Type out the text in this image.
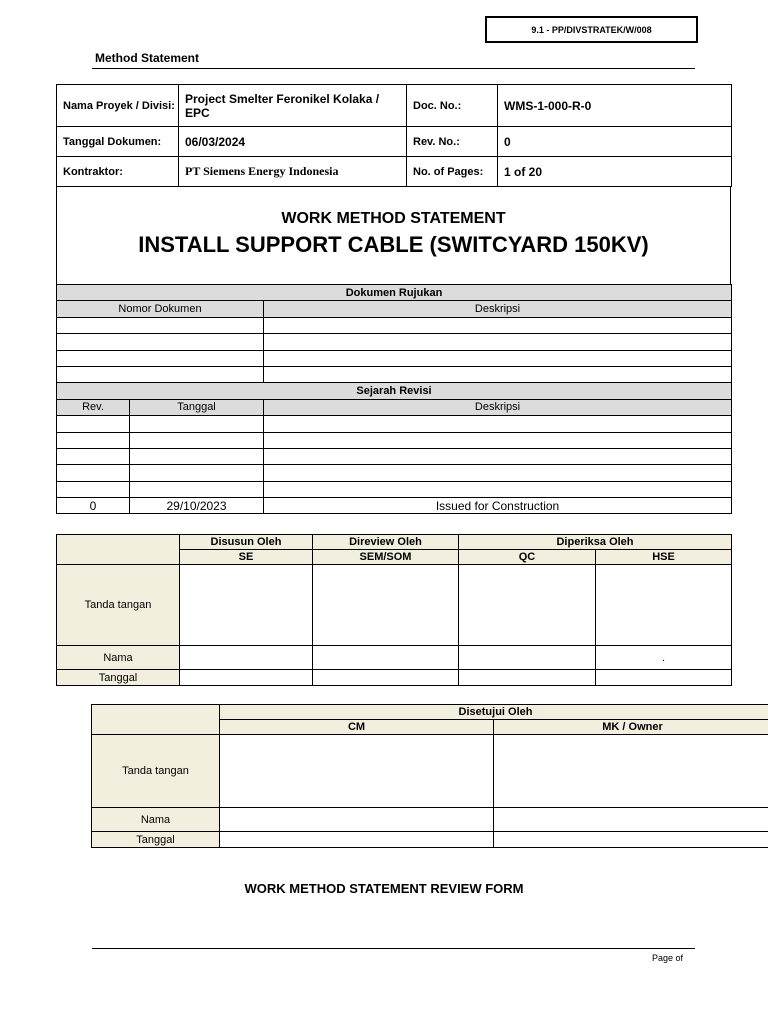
9.1 - PP/DIVSTRATEK/W/008
Method Statement
Nama Proyek / Divisi:	Project Smelter Feronikel Kolaka / EPC	Doc. No.:	WMS-1-000-R-0
Tanggal Dokumen:	06/03/2024	Rev. No.:	0
Kontraktor:	PT Siemens Energy Indonesia	No. of Pages:	1 of 20
WORK METHOD STATEMENT
INSTALL SUPPORT CABLE (SWITCYARD 150KV)
Dokumen Rujukan		
Nomor Dokumen		Deskripsi

Sejarah Revisi		
Rev.	Tanggal	Deskripsi

0	29/10/2023	Issued for Construction
	Disusun Oleh	Direview Oleh	Diperiksa Oleh	
	SE	SEM/SOM	QC	HSE
Tanda tangan				
Nama				.
Tanggal				
	Disetujui Oleh	
	CM	MK / Owner
Tanda tangan		
Nama		
Tanggal		
WORK METHOD STATEMENT REVIEW FORM
Page of
